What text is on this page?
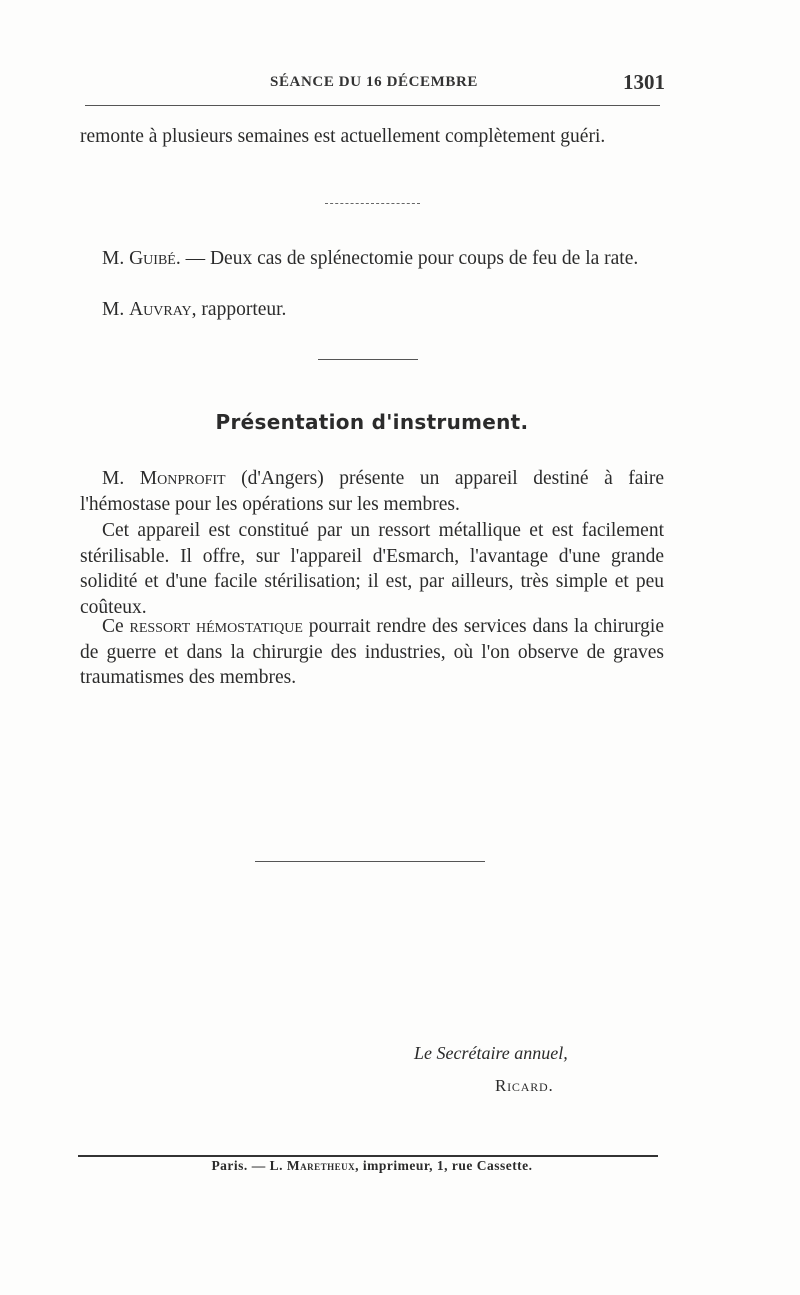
SÉANCE DU 16 DÉCEMBRE	1301

remonte à plusieurs semaines est actuellement complètement guéri.

M. Guibé. — Deux cas de splénectomie pour coups de feu de la rate.

M. Auvray, rapporteur.

Présentation d'instrument.

M. Monprofit (d'Angers) présente un appareil destiné à faire l'hémostase pour les opérations sur les membres.

Cet appareil est constitué par un ressort métallique et est facilement stérilisable. Il offre, sur l'appareil d'Esmarch, l'avantage d'une grande solidité et d'une facile stérilisation; il est, par ailleurs, très simple et peu coûteux.

Ce ressort hémostatique pourrait rendre des services dans la chirurgie de guerre et dans la chirurgie des industries, où l'on observe de graves traumatismes des membres.

Le Secrétaire annuel,
Ricard.
Paris. — L. Maretheux, imprimeur, 1, rue Cassette.
